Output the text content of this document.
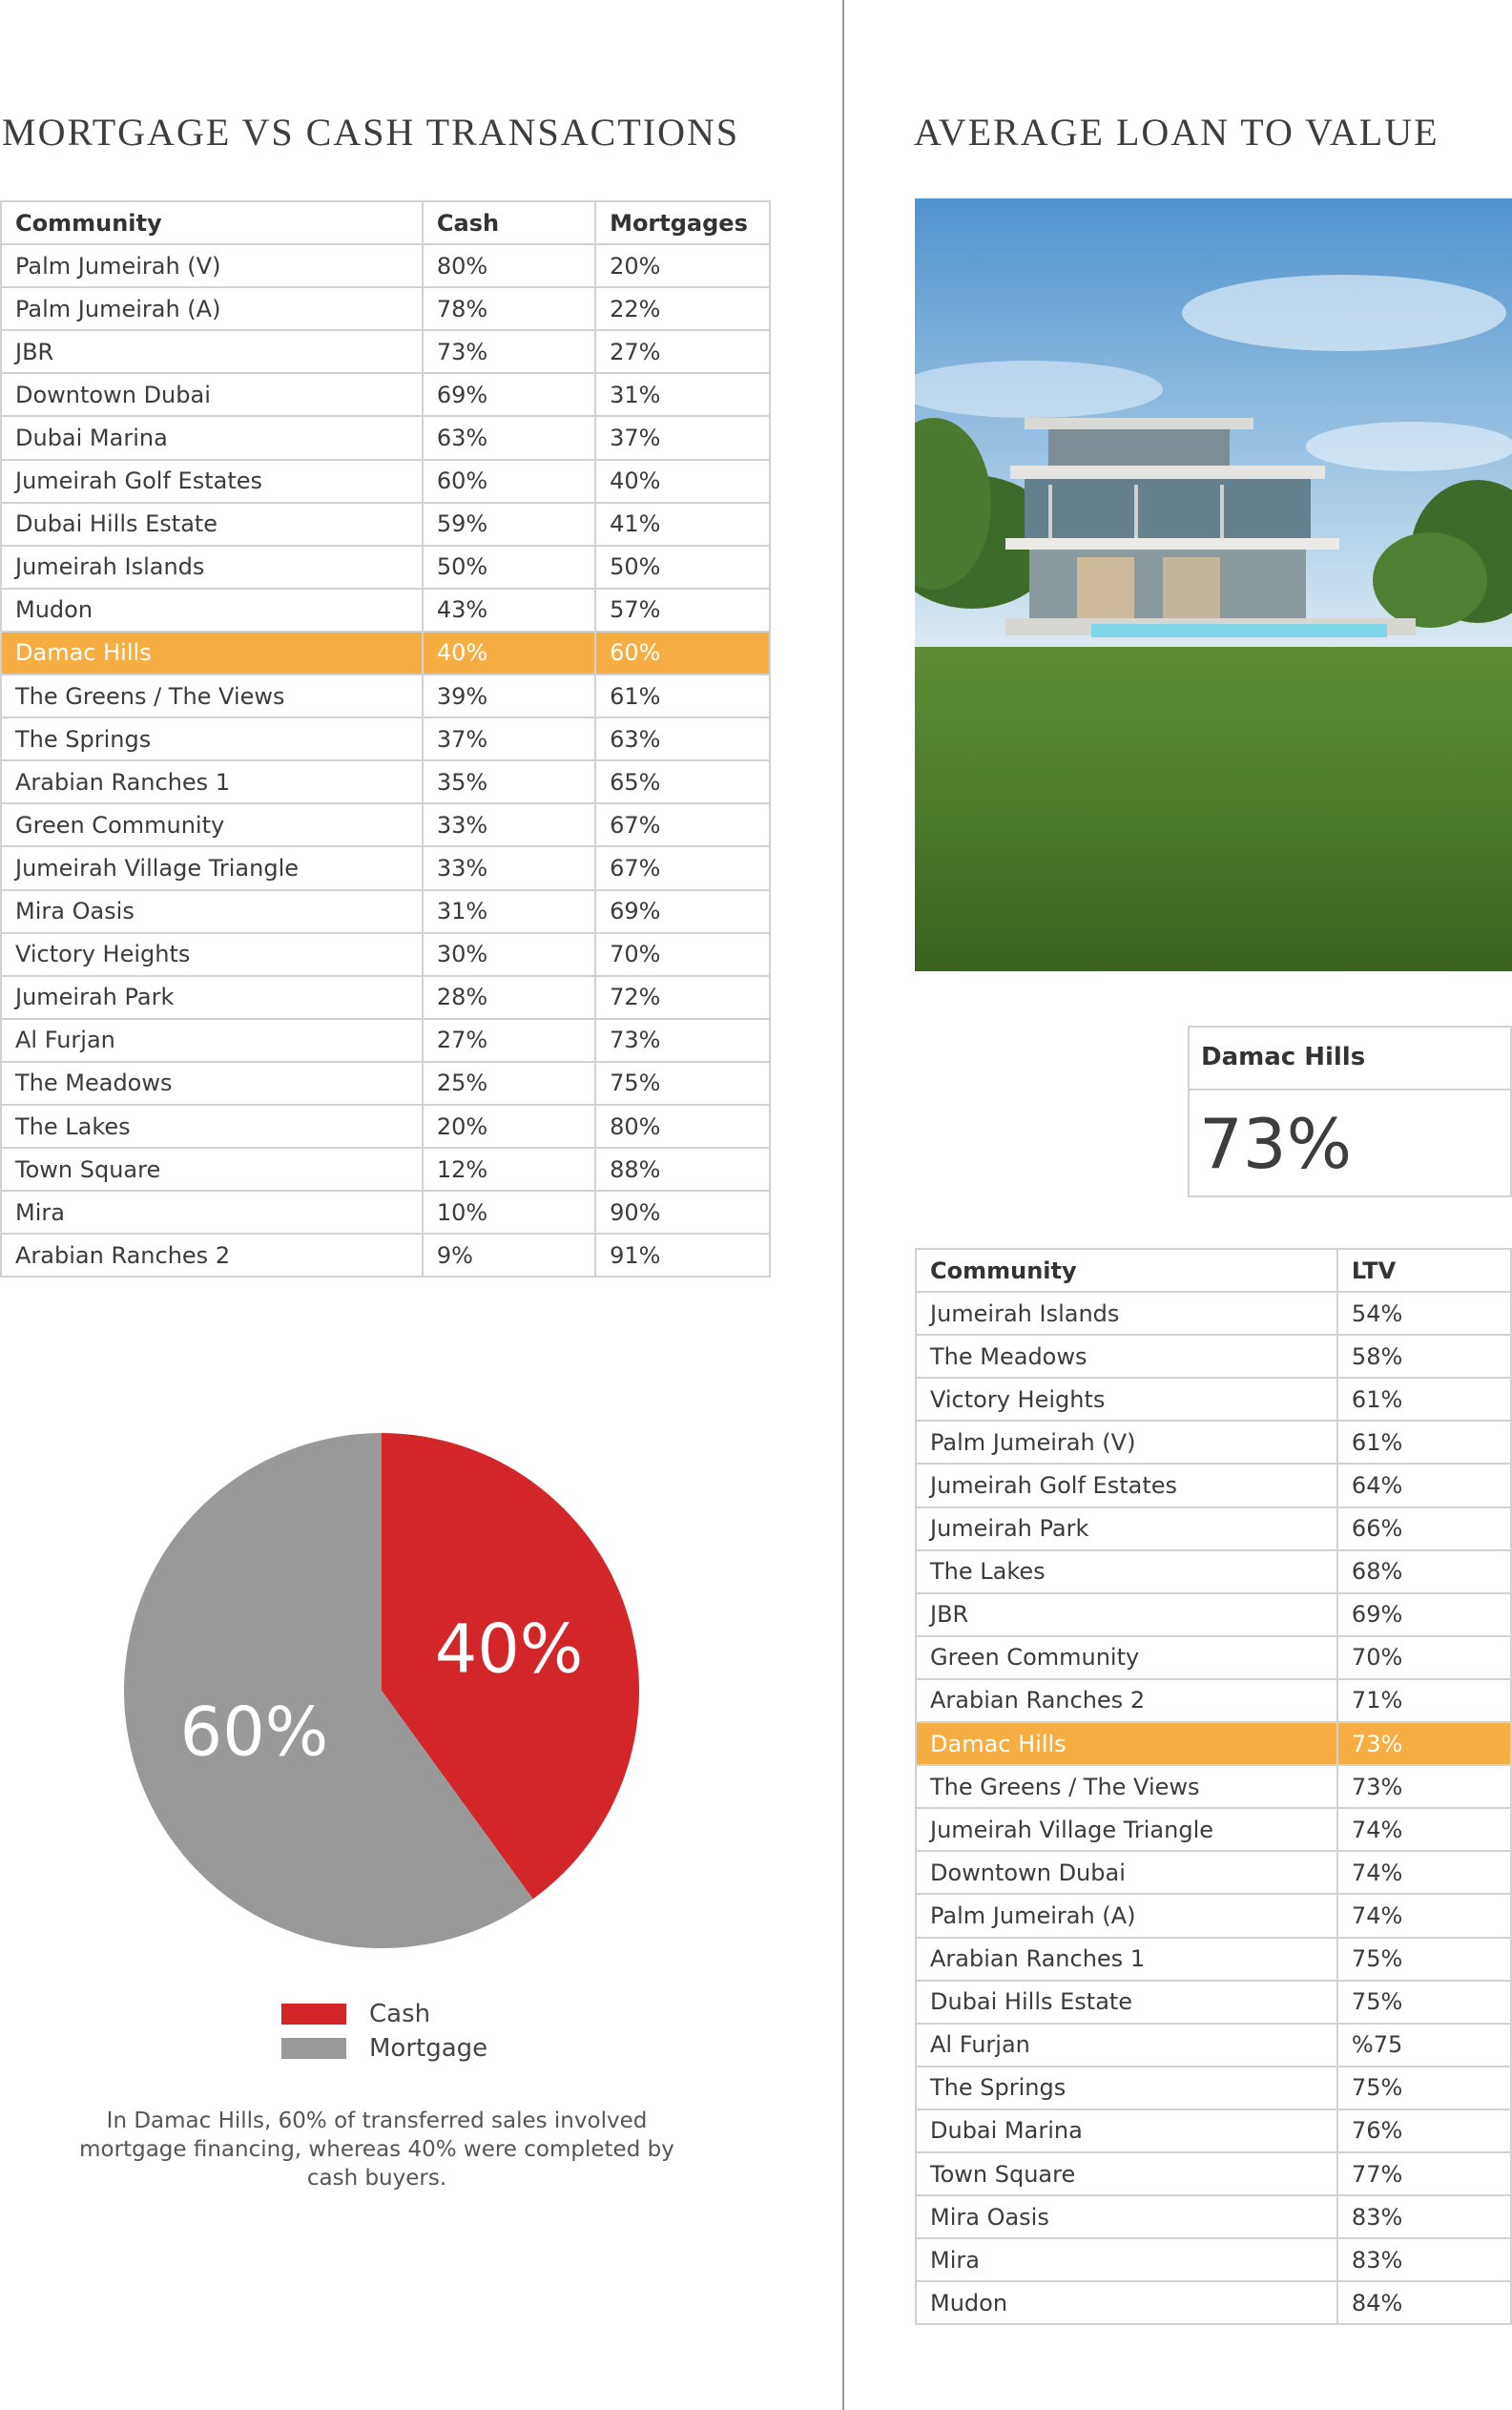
MORTGAGE VS CASH TRANSACTIONS	AVERAGE LOAN TO VALUE
Community	Cash	Mortgages
Palm Jumeirah (V)	80%	20%
Palm Jumeirah (A)	78%	22%
JBR	73%	27%
Downtown Dubai	69%	31%
Dubai Marina	63%	37%
Jumeirah Golf Estates	60%	40%
Dubai Hills Estate	59%	41%
Jumeirah Islands	50%	50%
Mudon	43%	57%
Damac Hills	40%	60%
The Greens / The Views	39%	61%
The Springs	37%	63%
Arabian Ranches 1	35%	65%
Green Community	33%	67%
Jumeirah Village Triangle	33%	67%
Mira Oasis	31%	69%
Victory Heights	30%	70%
Jumeirah Park	28%	72%
Al Furjan	27%	73%
The Meadows	25%	75%
The Lakes	20%	80%
Town Square	12%	88%
Mira	10%	90%
Arabian Ranches 2	9%	91%
Damac Hills
73%
Community	LTV
Jumeirah Islands	54%
The Meadows	58%
Victory Heights	61%
Palm Jumeirah (V)	61%
Jumeirah Golf Estates	64%
Jumeirah Park	66%
The Lakes	68%
JBR	69%
Green Community	70%
Arabian Ranches 2	71%
Damac Hills	73%
The Greens / The Views	73%
Jumeirah Village Triangle	74%
Downtown Dubai	74%
Palm Jumeirah (A)	74%
Arabian Ranches 1	75%
Dubai Hills Estate	75%
Al Furjan	%75
The Springs	75%
Dubai Marina	76%
Town Square	77%
Mira Oasis	83%
Mira	83%
Mudon	84%
40%
60%
Cash
Mortgage
In Damac Hills, 60% of transferred sales involved mortgage financing, whereas 40% were completed by cash buyers.
